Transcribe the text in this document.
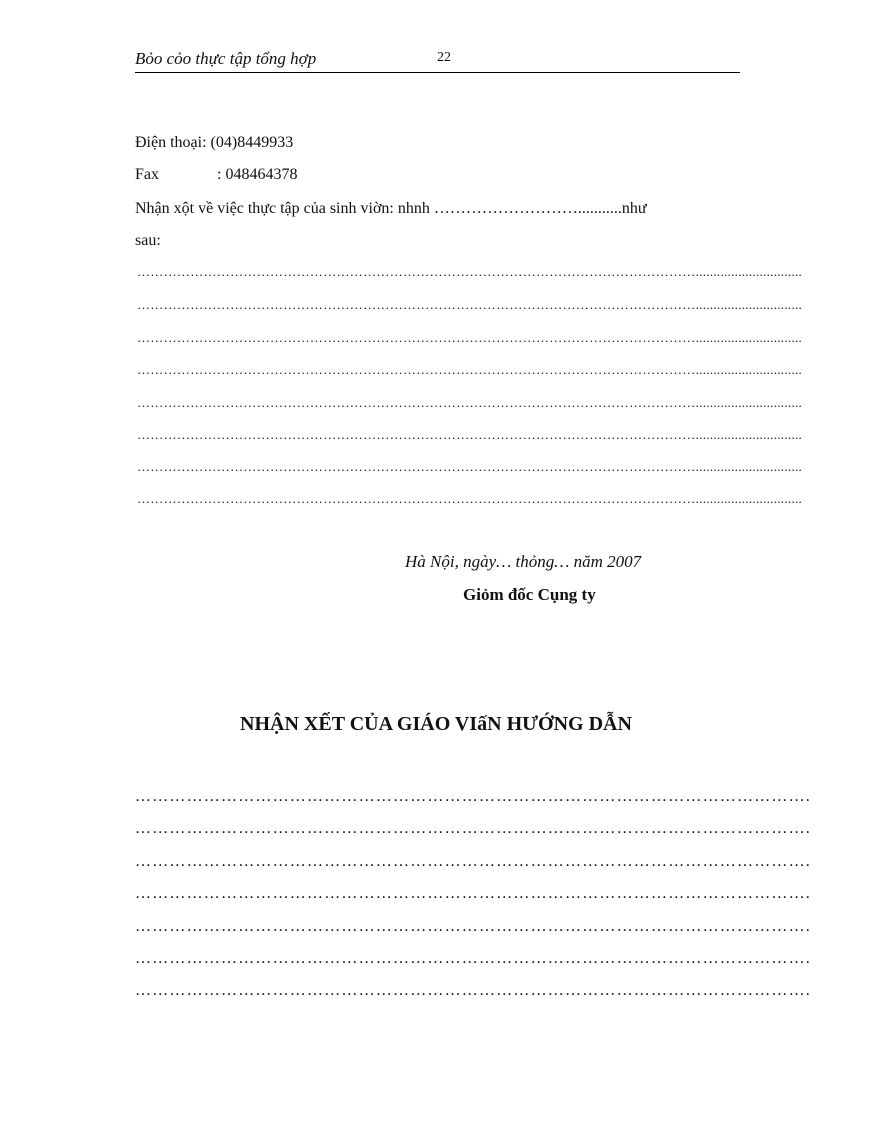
Bỏo cỏo thực tập tổng hợp	22
Điện thoại: (04)8449933
Fax	: 048464378
Nhận xột về việc thực tập của sinh viờn: nhnh ………………………...........như
sau:
………………………………………………………………………………………………………………..............................
………………………………………………………………………………………………………………..............................
………………………………………………………………………………………………………………..............................
………………………………………………………………………………………………………………..............................
………………………………………………………………………………………………………………..............................
………………………………………………………………………………………………………………..............................
………………………………………………………………………………………………………………..............................
………………………………………………………………………………………………………………..............................
Hà Nội, ngày… thỏng… năm 2007
Giỏm đốc Cụng ty
NHẬN XẾT CỦA GIÁO VIấN HƯỚNG DẪN
……………………………………………………………………………………………………….
……………………………………………………………………………………………………….
……………………………………………………………………………………………………….
……………………………………………………………………………………………………….
……………………………………………………………………………………………………….
……………………………………………………………………………………………………….
……………………………………………………………………………………………………….
